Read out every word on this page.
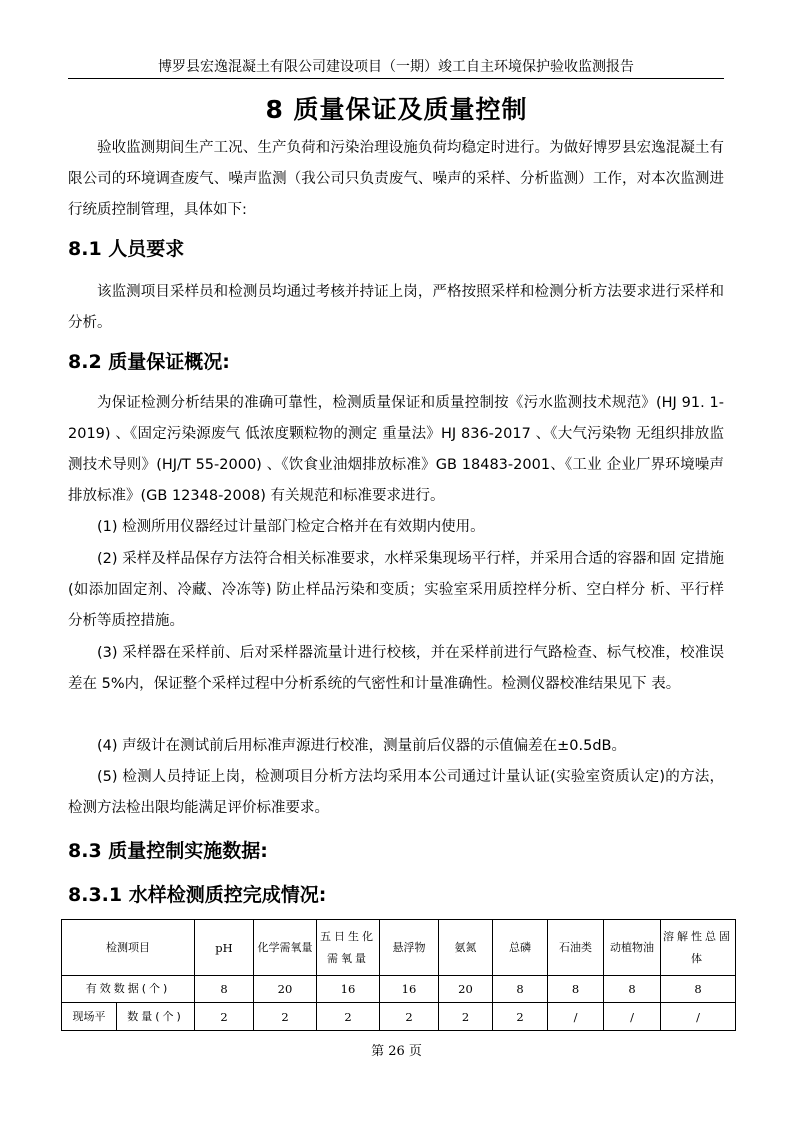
博罗县宏逸混凝土有限公司建设项目（一期）竣工自主环境保护验收监测报告
8 质量保证及质量控制
验收监测期间生产工况、生产负荷和污染治理设施负荷均稳定时进行。为做好博罗县宏逸混凝土有限公司的环境调查废气、噪声监测（我公司只负责废气、噪声的采样、分析监测）工作，对本次监测进行统质控制管理，具体如下:
8.1 人员要求
该监测项目采样员和检测员均通过考核并持证上岗，严格按照采样和检测分析方法要求进行采样和分析。
8.2 质量保证概况:
为保证检测分析结果的准确可靠性，检测质量保证和质量控制按《污水监测技术规范》(HJ 91. 1-2019) 、《固定污染源废气 低浓度颗粒物的测定 重量法》HJ 836-2017 、《大气污染物 无组织排放监测技术导则》(HJ/T 55-2000) 、《饮食业油烟排放标准》GB 18483-2001、《工业 企业厂界环境噪声排放标准》(GB 12348-2008) 有关规范和标准要求进行。
(1) 检测所用仪器经过计量部门检定合格并在有效期内使用。
(2) 采样及样品保存方法符合相关标准要求，水样采集现场平行样，并采用合适的容器和固 定措施(如添加固定剂、冷藏、冷冻等) 防止样品污染和变质；实验室采用质控样分析、空白样分 析、平行样分析等质控措施。
(3) 采样器在采样前、后对采样器流量计进行校核，并在采样前进行气路检查、标气校准，校准误差在 5%内，保证整个采样过程中分析系统的气密性和计量准确性。检测仪器校准结果见下 表。
(4) 声级计在测试前后用标准声源进行校准，测量前后仪器的示值偏差在±0.5dB。
(5) 检测人员持证上岗，检测项目分析方法均采用本公司通过计量认证(实验室资质认定)的方法，检测方法检出限均能满足评价标准要求。
8.3 质量控制实施数据:
8.3.1 水样检测质控完成情况:
检测项目		pH	化学需氧量	五日生化需氧量	悬浮物	氨氮	总磷	石油类	动植物油	溶解性总固体
有效数据(个)		8	20	16	16	20	8	8	8	8
现场平	数量(个)	2	2	2	2	2	2	/	/	/
第 26 页
